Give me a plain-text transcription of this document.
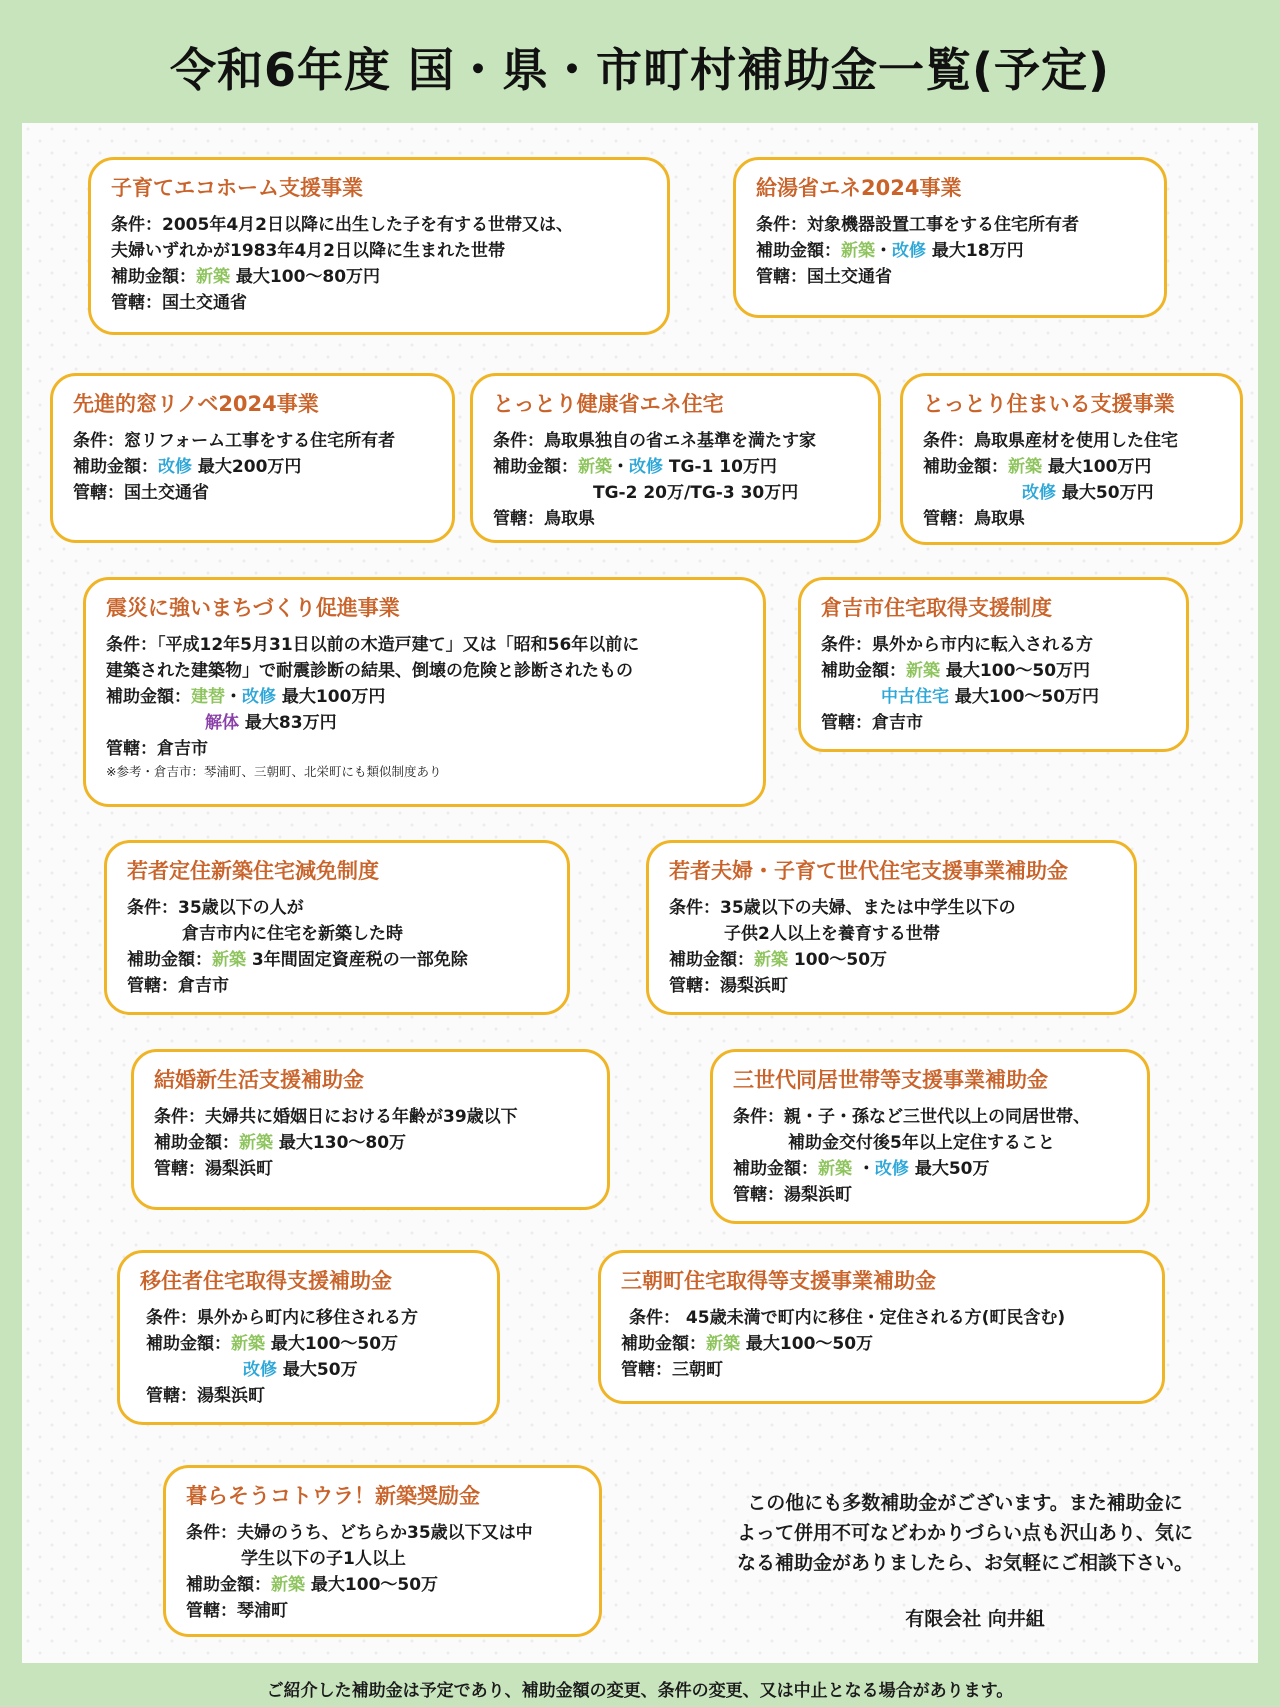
令和6年度 国・県・市町村補助金一覧(予定)
子育てエコホーム支援事業
条件：2005年4月2日以降に出生した子を有する世帯又は、
夫婦いずれかが1983年4月2日以降に生まれた世帯
補助金額：新築 最大100～80万円
管轄：国土交通省
給湯省エネ2024事業
条件：対象機器設置工事をする住宅所有者
補助金額：新築・改修 最大18万円
管轄：国土交通省
先進的窓リノベ2024事業
条件：窓リフォーム工事をする住宅所有者
補助金額：改修 最大200万円
管轄：国土交通省
とっとり健康省エネ住宅
条件：鳥取県独自の省エネ基準を満たす家
補助金額：新築・改修 TG-1 10万円
TG-2 20万/TG-3 30万円
管轄：鳥取県
とっとり住まいる支援事業
条件：鳥取県産材を使用した住宅
補助金額：新築 最大100万円
改修 最大50万円
管轄：鳥取県
震災に強いまちづくり促進事業
条件：「平成12年5月31日以前の木造戸建て」又は「昭和56年以前に
建築された建築物」で耐震診断の結果、倒壊の危険と診断されたもの
補助金額：建替・改修 最大100万円
解体 最大83万円
管轄：倉吉市
※参考・倉吉市：琴浦町、三朝町、北栄町にも類似制度あり
倉吉市住宅取得支援制度
条件：県外から市内に転入される方
補助金額：新築 最大100～50万円
中古住宅 最大100～50万円
管轄：倉吉市
若者定住新築住宅減免制度
条件：35歳以下の人が
倉吉市内に住宅を新築した時
補助金額：新築 3年間固定資産税の一部免除
管轄：倉吉市
若者夫婦・子育て世代住宅支援事業補助金
条件：35歳以下の夫婦、または中学生以下の
子供2人以上を養育する世帯
補助金額：新築 100～50万
管轄：湯梨浜町
結婚新生活支援補助金
条件：夫婦共に婚姻日における年齢が39歳以下
補助金額：新築 最大130～80万
管轄：湯梨浜町
三世代同居世帯等支援事業補助金
条件：親・子・孫など三世代以上の同居世帯、
補助金交付後5年以上定住すること
補助金額：新築 ・改修 最大50万
管轄：湯梨浜町
移住者住宅取得支援補助金
条件：県外から町内に移住される方
補助金額：新築 最大100～50万
改修 最大50万
管轄：湯梨浜町
三朝町住宅取得等支援事業補助金
条件： 45歳未満で町内に移住・定住される方(町民含む)
補助金額：新築 最大100～50万
管轄：三朝町
暮らそうコトウラ！新築奨励金
条件：夫婦のうち、どちらか35歳以下又は中
学生以下の子1人以上
補助金額：新築 最大100～50万
管轄：琴浦町
この他にも多数補助金がございます。また補助金に
よって併用不可などわかりづらい点も沢山あり、気に
なる補助金がありましたら、お気軽にご相談下さい。
有限会社 向井組
ご紹介した補助金は予定であり、補助金額の変更、条件の変更、又は中止となる場合があります。
